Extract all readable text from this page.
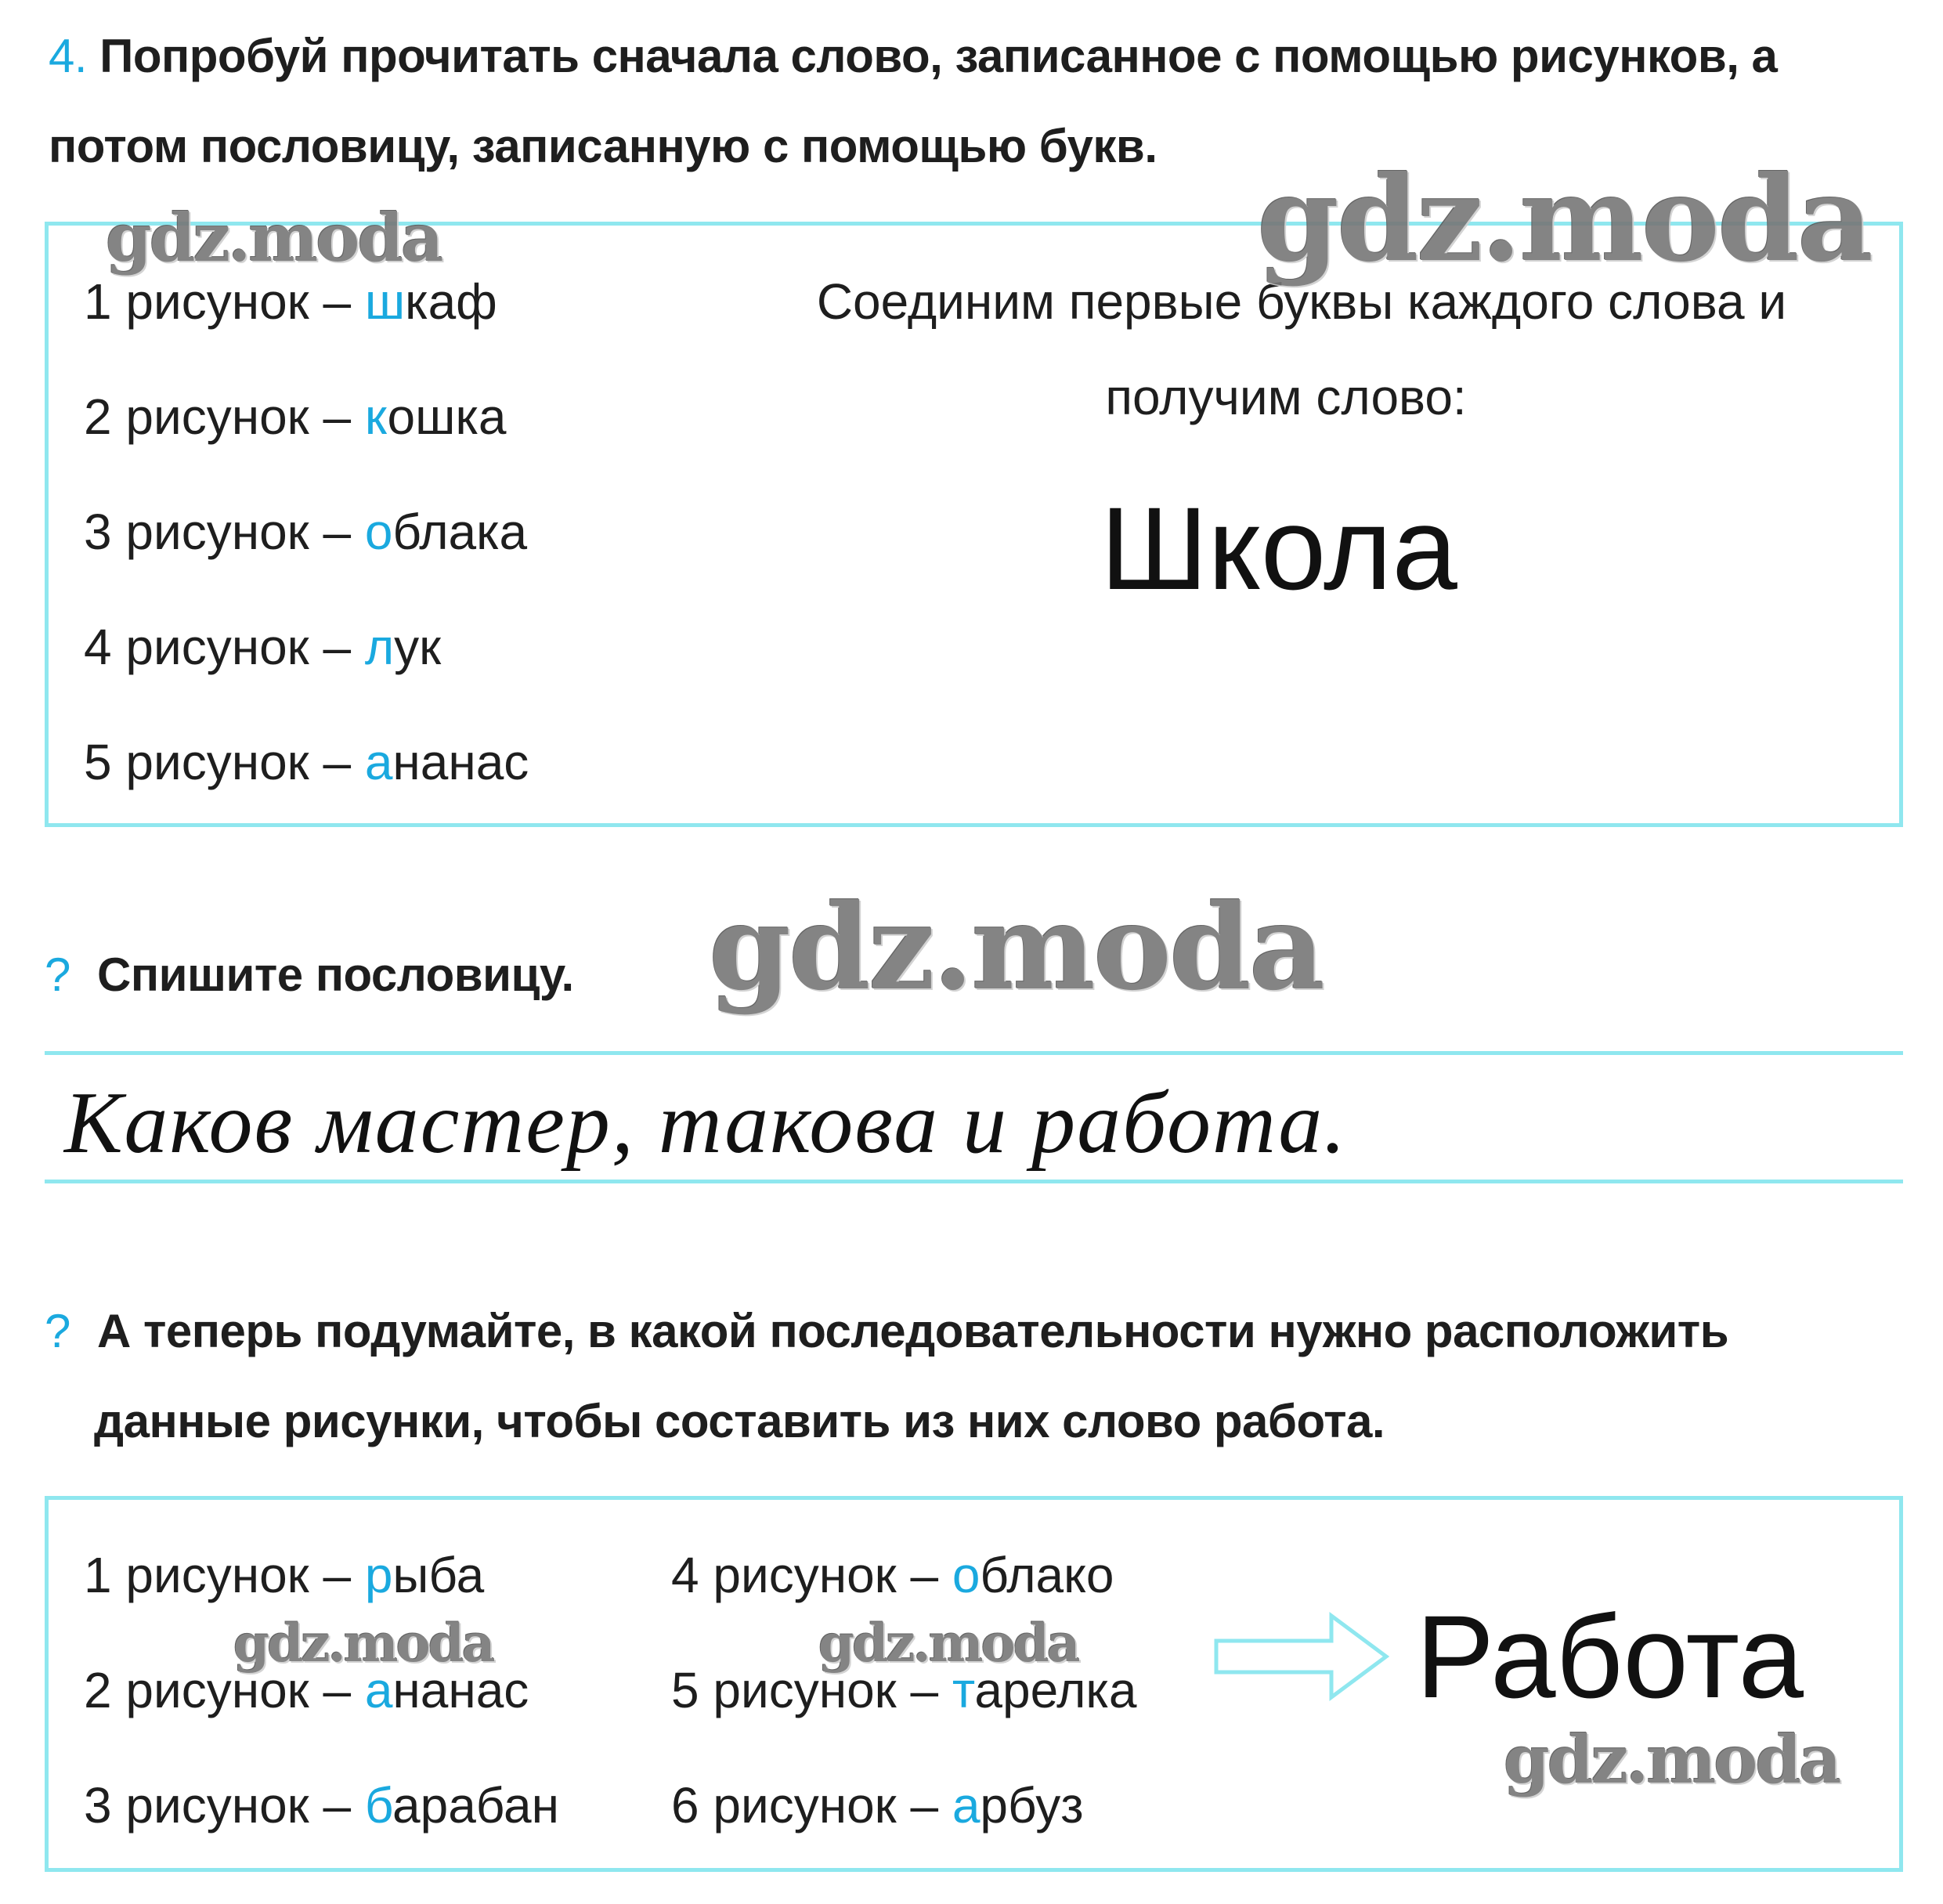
4. Попробуй прочитать сначала слово, записанное с помощью рисунков, а
потом пословицу, записанную с помощью букв.
1 рисунок – шкаф
2 рисунок – кошка
3 рисунок – облака
4 рисунок – лук
5 рисунок – ананас
Соединим первые буквы каждого слова и
получим слово:
Школа
? Спишите пословицу.
Каков мастер, такова и работа.
? А теперь подумайте, в какой последовательности нужно расположить
данные рисунки, чтобы составить из них слово работа.
1 рисунок – рыба
2 рисунок – ананас
3 рисунок – барабан
4 рисунок – облако
5 рисунок – тарелка
6 рисунок – арбуз
Работа
gdz.moda	gdz.moda
gdz.moda
gdz.moda	gdz.moda
gdz.moda
